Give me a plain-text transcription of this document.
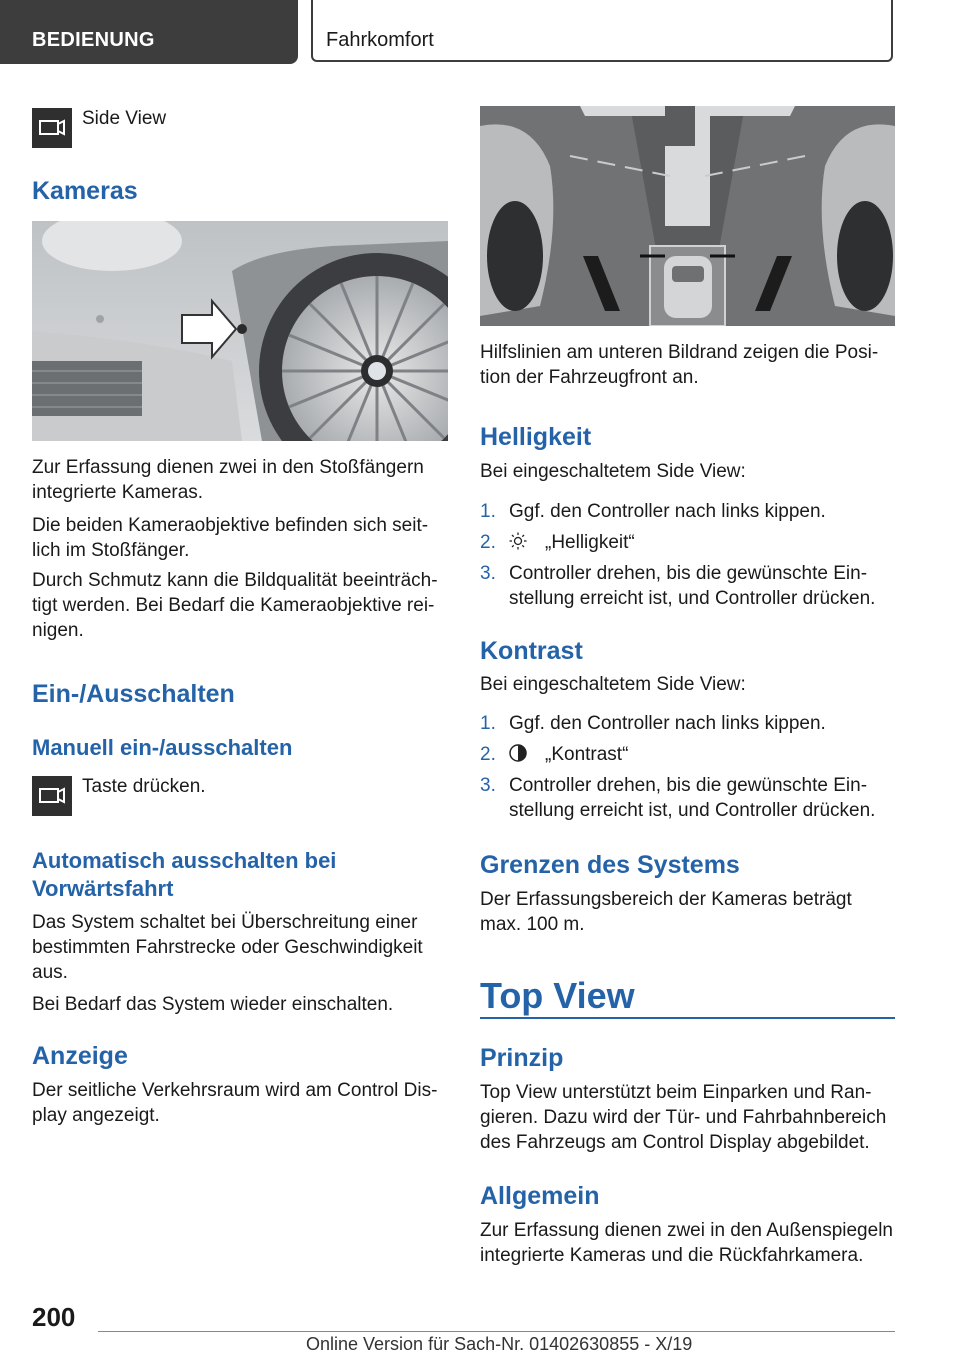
BEDIENUNG	Fahrkomfort

Side View

Kameras

Zur Erfassung dienen zwei in den Stoßfängern integrierte Kameras.

Die beiden Kameraobjektive befinden sich seitlich im Stoßfänger.

Durch Schmutz kann die Bildqualität beeinträchtigt werden. Bei Bedarf die Kameraobjektive reinigen.

Ein-/Ausschalten

Manuell ein-/ausschalten

Taste drücken.

Automatisch ausschalten bei Vorwärtsfahrt

Das System schaltet bei Überschreitung einer bestimmten Fahrstrecke oder Geschwindigkeit aus.

Bei Bedarf das System wieder einschalten.

Anzeige

Der seitliche Verkehrsraum wird am Control Display angezeigt.

Hilfslinien am unteren Bildrand zeigen die Position der Fahrzeugfront an.

Helligkeit

Bei eingeschaltetem Side View:

1. Ggf. den Controller nach links kippen.
2.	„Helligkeit“
3. Controller drehen, bis die gewünschte Einstellung erreicht ist, und Controller drücken.

Kontrast

Bei eingeschaltetem Side View:

1. Ggf. den Controller nach links kippen.
2.	„Kontrast“
3. Controller drehen, bis die gewünschte Einstellung erreicht ist, und Controller drücken.

Grenzen des Systems

Der Erfassungsbereich der Kameras beträgt max. 100 m.

Top View

Prinzip

Top View unterstützt beim Einparken und Rangieren. Dazu wird der Tür- und Fahrbahnbereich des Fahrzeugs am Control Display abgebildet.

Allgemein

Zur Erfassung dienen zwei in den Außenspiegeln integrierte Kameras und die Rückfahrkamera.

200
Online Version für Sach-Nr. 01402630855 - X/19
